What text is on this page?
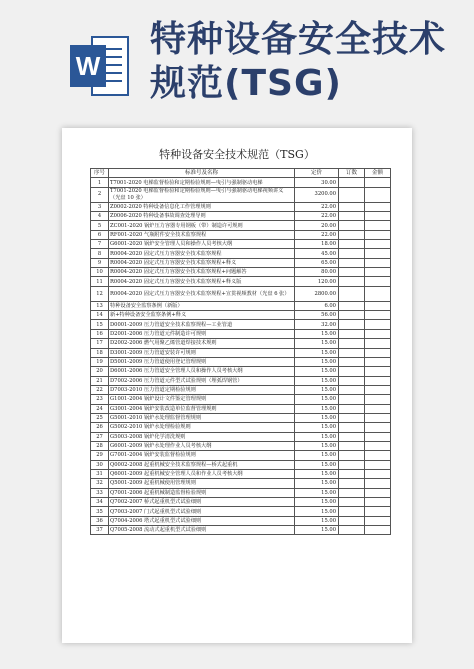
W
特种设备安全技术
规范(TSG)
特种设备安全技术规范（TSG）
序号	标准号及名称	定价	订数	金额
1	T7001-2020 电梯监督检验和定期检验规则—曳引与强制驱动电梯	30.00		
2	T7001-2020 电梯监督检验和定期检验规则—曳引与强制驱动电梯视频讲义（光盘 10 张）	3200.00		
3	Z0002-2020 特种设备信息化工作管理规则	22.00		
4	Z0006-2020 特种设备事故调查处理导则	22.00		
5	ZC001-2020 锅炉压力容器专用钢板（带）制造许可规则	20.00		
6	RF001-2020 气瓶附件安全技术监察规程	22.00		
7	G6001-2020 锅炉安全管理人员和操作人员考核大纲	18.00		
8	R0004-2020 固定式压力容器安全技术监察规程	45.00		
9	R0004-2020 固定式压力容器安全技术监察规程+释义	65.00		
10	R0004-2020 固定式压力容器安全技术监察规程+问题解答	80.00		
11	R0004-2020 固定式压力容器安全技术监察规程+释义版	120.00		
12	R0004-2020 固定式压力容器安全技术监察规程+宣贯视频教材（光盘 6 张）	2800.00		
13	特种设备安全监察条例（新版）	6.00		
14	新+特种设备安全监察条例+释义	56.00		
15	D0001-2009 压力管道安全技术监察规程—工业管道	32.00		
16	D2001-2006 压力管道元件制造许可规则	15.00		
17	D2002-2006 燃气用聚乙烯管道焊接技术规则	15.00		
18	D3001-2009 压力管道安装许可规则	15.00		
19	D5001-2009 压力管道使用登记管理规则	15.00		
20	D6001-2006 压力管道安全管理人员和操作人员考核大纲	15.00		
21	D7002-2006 压力管道元件型式试验规则（埋弧焊钢管）	15.00		
22	D7003-2010 压力管道定期检验规则	15.00		
23	G1001-2004 锅炉设计文件鉴定管理规则	15.00		
24	G3001-2004 锅炉安装改造单位监督管理规则	15.00		
25	G5001-2010 锅炉水处理监督管理规则	15.00		
26	G5002-2010 锅炉水处理检验规则	15.00		
27	G5003-2008 锅炉化学清洗规则	15.00		
28	G6001-2009 锅炉水处理作业人员考核大纲	15.00		
29	G7001-2004 锅炉安装监督检验规则	15.00		
30	Q0002-2008 起重机械安全技术监察规程—桥式起重机	15.00		
31	Q6001-2009 起重机械安全管理人员和作业人员考核大纲	15.00		
32	Q5001-2009 起重机械使用管理规则	15.00		
33	Q7001-2006 起重机械制造监督检验规则	15.00		
34	Q7002-2007 桥式起重机型式试验细则	15.00		
35	Q7003-2007 门式起重机型式试验细则	15.00		
36	Q7004-2006 塔式起重机型式试验细则	15.00		
37	Q7005-2008 流动式起重机型式试验细则	15.00		
